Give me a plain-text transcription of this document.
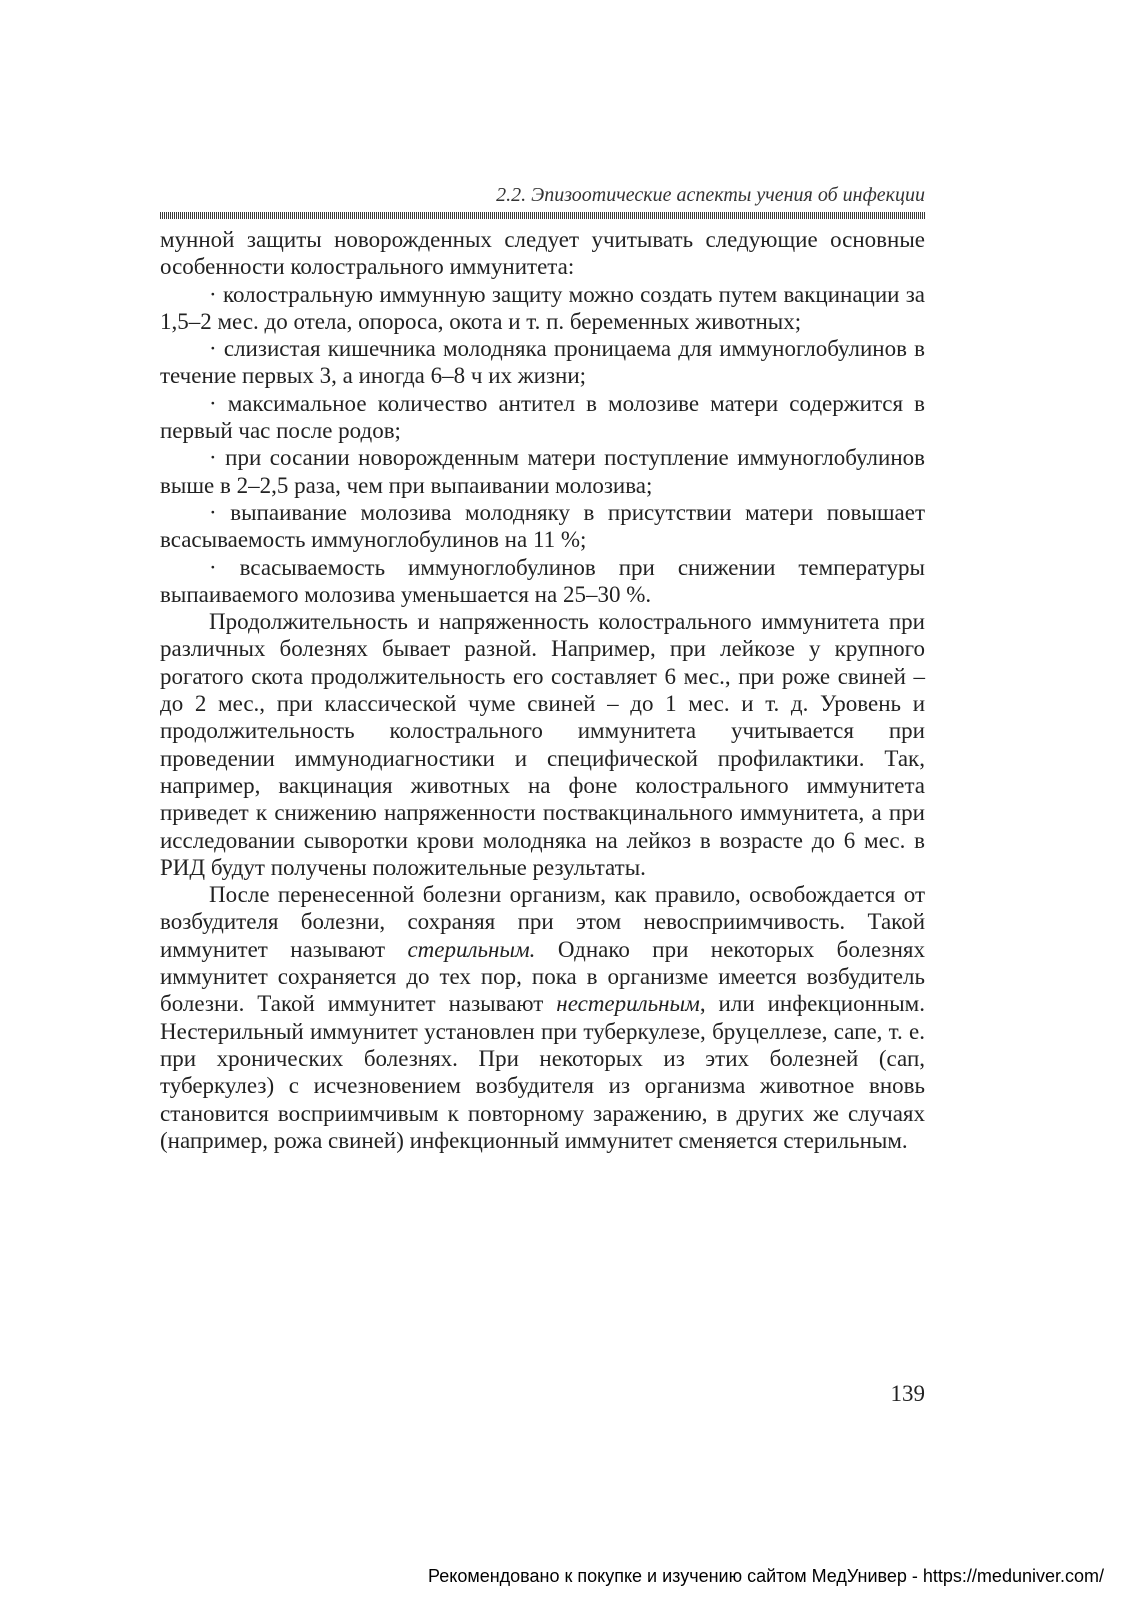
2.2. Эпизоотические аспекты учения об инфекции

мунной защиты новорожденных следует учитывать следующие основные особенности колострального иммунитета:

· колостральную иммунную защиту можно создать путем вакцинации за 1,5–2 мес. до отела, опороса, окота и т. п. беременных животных;

· слизистая кишечника молодняка проницаема для иммуноглобулинов в течение первых 3, а иногда 6–8 ч их жизни;

· максимальное количество антител в молозиве матери содержится в первый час после родов;

· при сосании новорожденным матери поступление иммуноглобулинов выше в 2–2,5 раза, чем при выпаивании молозива;

· выпаивание молозива молодняку в присутствии матери повышает всасываемость иммуноглобулинов на 11 %;

· всасываемость иммуноглобулинов при снижении температуры выпаиваемого молозива уменьшается на 25–30 %.

Продолжительность и напряженность колострального иммунитета при различных болезнях бывает разной. Например, при лейкозе у крупного рогатого скота продолжительность его составляет 6 мес., при роже свиней – до 2 мес., при классической чуме свиней – до 1 мес. и т. д. Уровень и продолжительность колострального иммунитета учитывается при проведении иммунодиагностики и специфической профилактики. Так, например, вакцинация животных на фоне колострального иммунитета приведет к снижению напряженности поствакцинального иммунитета, а при исследовании сыворотки крови молодняка на лейкоз в возрасте до 6 мес. в РИД будут получены положительные результаты.

После перенесенной болезни организм, как правило, освобождается от возбудителя болезни, сохраняя при этом невосприимчивость. Такой иммунитет называют стерильным. Однако при некоторых болезнях иммунитет сохраняется до тех пор, пока в организме имеется возбудитель болезни. Такой иммунитет называют нестерильным, или инфекционным. Нестерильный иммунитет установлен при туберкулезе, бруцеллезе, сапе, т. е. при хронических болезнях. При некоторых из этих болезней (сап, туберкулез) с исчезновением возбудителя из организма животное вновь становится восприимчивым к повторному заражению, в других же случаях (например, рожа свиней) инфекционный иммунитет сменяется стерильным.

139
Рекомендовано к покупке и изучению сайтом МедУнивер - https://meduniver.com/
